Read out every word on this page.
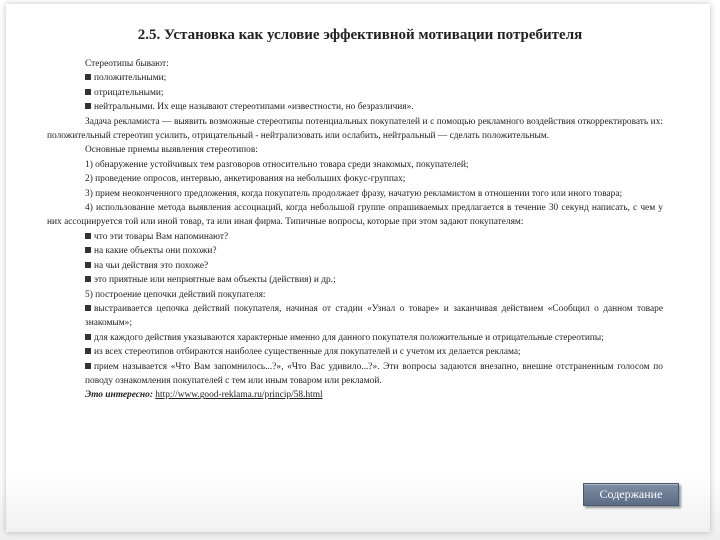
2.5. Установка как условие эффективной мотивации потребителя

Стереотипы бывают:

положительными;

отрицательными;

нейтральными. Их еще называют стереотипами «известности, но безразличия».

Задача рекламиста — выявить возможные стереотипы потенциальных покупателей и с помощью рекламного воздействия откорректировать их: положительный стереотип усилить, отрицательный - нейтрализовать или ослабить, нейтральный — сделать положительным.

Основные приемы выявления стереотипов:

1) обнаружение устойчивых тем разговоров относительно товара среди знакомых, покупателей;

2) проведение опросов, интервью, анкетирования на небольших фокус-группах;

3) прием неоконченного предложения, когда покупатель продолжает фразу, начатую рекламистом в отношении того или иного товара;

4) использование метода выявления ассоциаций, когда небольшой группе опрашиваемых предлагается в течение 30 секунд написать, с чем у них ассоциируется той или иной товар, та или иная фирма. Типичные вопросы, которые при этом задают покупателям:

что эти товары Вам напоминают?

на какие объекты они похожи?

на чьи действия это похоже?

это приятные или неприятные вам объекты (действия) и др.;

5) построение цепочки действий покупателя:

выстраивается цепочка действий покупателя, начиная от стадии «Узнал о товаре» и заканчивая действием «Сообщил о данном товаре знакомым»;

для каждого действия указываются характерные именно для данного покупателя положительные и отрицательные стереотипы;

из всех стереотипов отбираются наиболее существенные для покупателей и с учетом их делается реклама;

прием называется «Что Вам запомнилось...?», «Что Вас удивило...?». Эти вопросы задаются внезапно, внешне отстраненным голосом по поводу ознакомления покупателей с тем или иным товаром или рекламой.

Это интересно: http://www.good-reklama.ru/princip/58.html

Содержание
